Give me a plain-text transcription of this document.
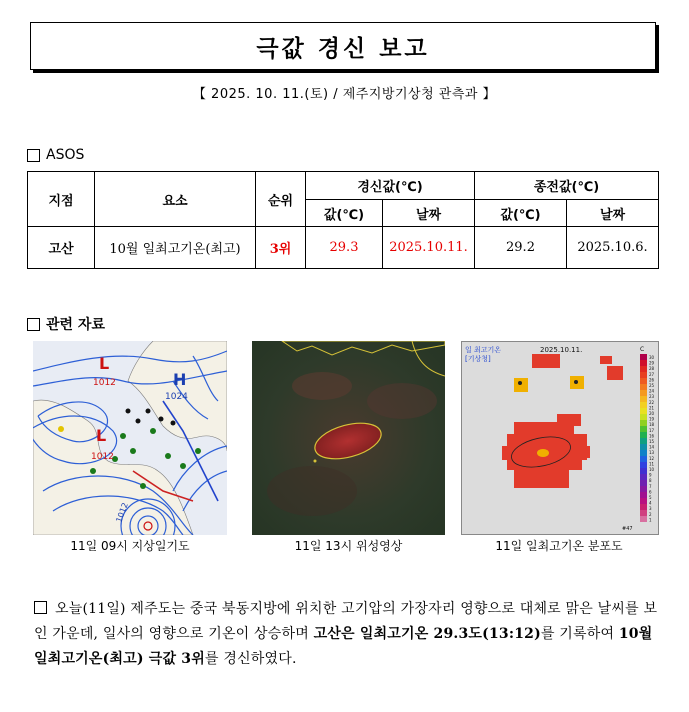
극값 경신 보고
【 2025. 10. 11.(토) / 제주지방기상청 관측과 】
ASOS
지점	요소	순위	경신값(℃)		종전값(℃)	
			값(℃)	날짜	값(℃)	날짜
고산	10월 일최고기온(최고)	3위	29.3	2025.10.11.	29.2	2025.10.6.
관련 자료
H
1024
L
1012
L
1012
1012
11일 09시 지상일기도	11일 13시 위성영상
일 최고기온	2025.10.11.
[기상청]
C
30
29
28
27
26
25
24
23
22
21
20
19
18
17
16
15
14
13
12
11
10
9
8
7
6
5
4
3
2
1
#47
11일 일최고기온 분포도
오늘(11일) 제주도는 중국 북동지방에 위치한 고기압의 가장자리 영향으로 대체로 맑은 날씨를 보인 가운데, 일사의 영향으로 기온이 상승하며 고산은 일최고기온 29.3도(13:12)를 기록하여 10월 일최고기온(최고) 극값 3위를 경신하였다.
